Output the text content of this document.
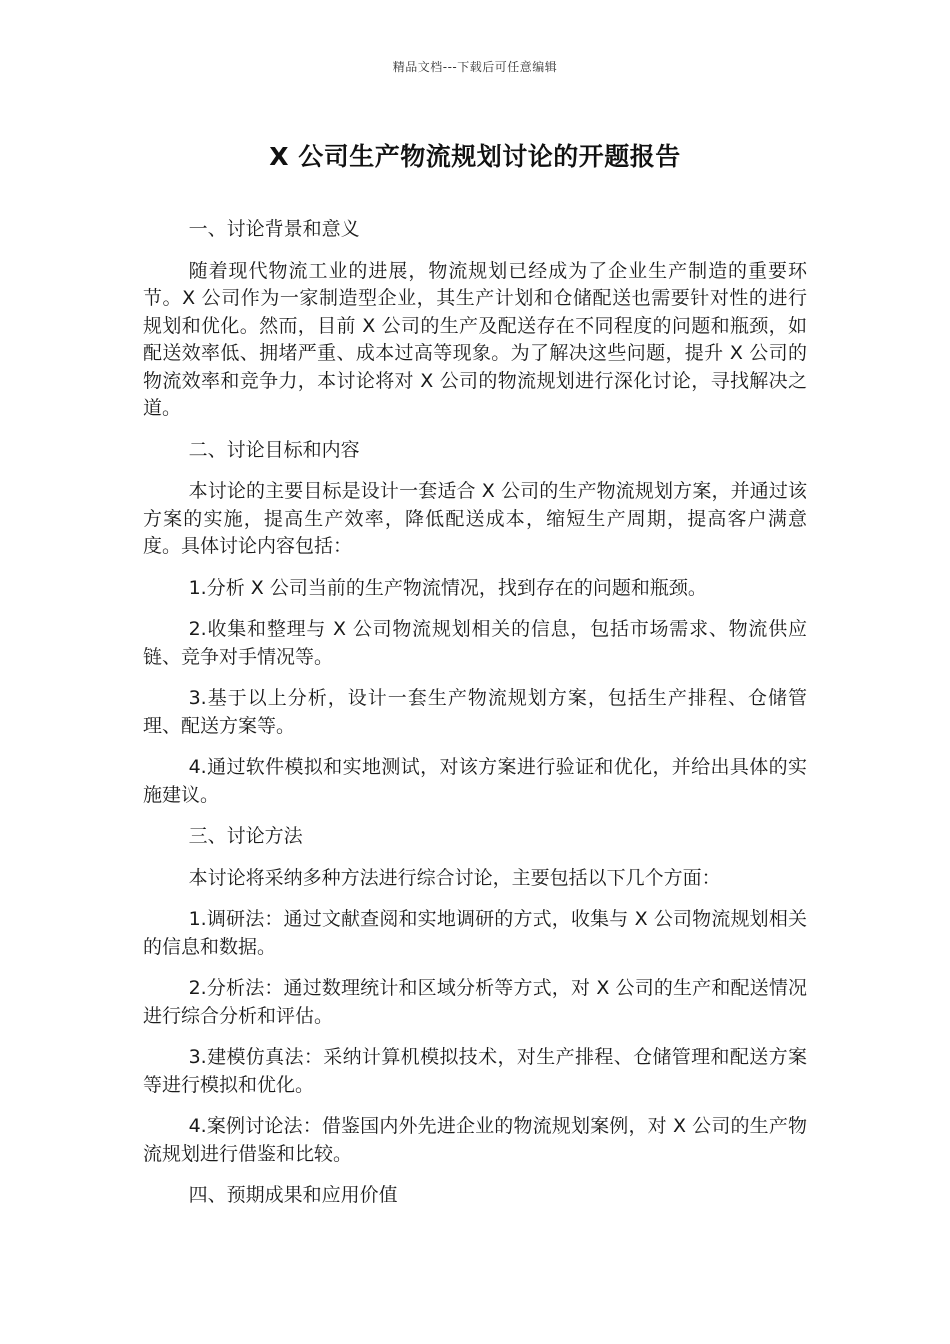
精品文档---下载后可任意编辑
X 公司生产物流规划讨论的开题报告

一、讨论背景和意义

随着现代物流工业的进展，物流规划已经成为了企业生产制造的重要环节。X 公司作为一家制造型企业，其生产计划和仓储配送也需要针对性的进行规划和优化。然而，目前 X 公司的生产及配送存在不同程度的问题和瓶颈，如配送效率低、拥堵严重、成本过高等现象。为了解决这些问题，提升 X 公司的物流效率和竞争力，本讨论将对 X 公司的物流规划进行深化讨论，寻找解决之道。

二、讨论目标和内容

本讨论的主要目标是设计一套适合 X 公司的生产物流规划方案，并通过该方案的实施，提高生产效率，降低配送成本，缩短生产周期，提高客户满意度。具体讨论内容包括：

1.分析 X 公司当前的生产物流情况，找到存在的问题和瓶颈。

2.收集和整理与 X 公司物流规划相关的信息，包括市场需求、物流供应链、竞争对手情况等。

3.基于以上分析，设计一套生产物流规划方案，包括生产排程、仓储管理、配送方案等。

4.通过软件模拟和实地测试，对该方案进行验证和优化，并给出具体的实施建议。

三、讨论方法

本讨论将采纳多种方法进行综合讨论，主要包括以下几个方面：

1.调研法：通过文献查阅和实地调研的方式，收集与 X 公司物流规划相关的信息和数据。

2.分析法：通过数理统计和区域分析等方式，对 X 公司的生产和配送情况进行综合分析和评估。

3.建模仿真法：采纳计算机模拟技术，对生产排程、仓储管理和配送方案等进行模拟和优化。

4.案例讨论法：借鉴国内外先进企业的物流规划案例，对 X 公司的生产物流规划进行借鉴和比较。

四、预期成果和应用价值
